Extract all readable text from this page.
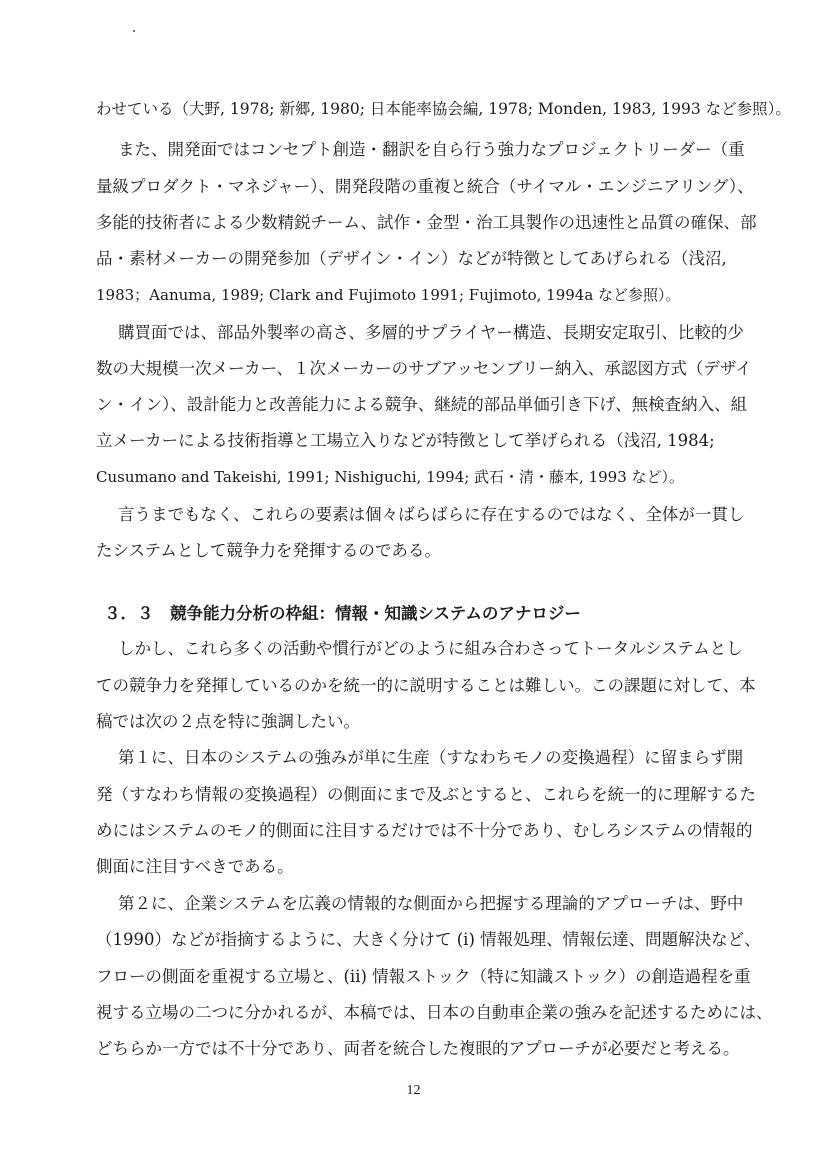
わせている（大野, 1978; 新郷, 1980; 日本能率協会編, 1978; Monden, 1983, 1993 など参照）。
また、開発面ではコンセプト創造・翻訳を自ら行う強力なプロジェクトリーダー（重
量級プロダクト・マネジャー）、開発段階の重複と統合（サイマル・エンジニアリング）、
多能的技術者による少数精鋭チーム、試作・金型・治工具製作の迅速性と品質の確保、部
品・素材メーカーの開発参加（デザイン・イン）などが特徴としてあげられる（浅沼,
1983；Aanuma, 1989; Clark and Fujimoto 1991; Fujimoto, 1994a など参照）。
購買面では、部品外製率の高さ、多層的サプライヤー構造、長期安定取引、比較的少
数の大規模一次メーカー、１次メーカーのサブアッセンブリー納入、承認図方式（デザイ
ン・イン）、設計能力と改善能力による競争、継続的部品単価引き下げ、無検査納入、組
立メーカーによる技術指導と工場立入りなどが特徴として挙げられる（浅沼, 1984;
Cusumano and Takeishi, 1991; Nishiguchi, 1994; 武石・清・藤本, 1993 など）。
言うまでもなく、これらの要素は個々ばらばらに存在するのではなく、全体が一貫し
たシステムとして競争力を発揮するのである。
３．３　競争能力分析の枠組：情報・知識システムのアナロジー
しかし、これら多くの活動や慣行がどのように組み合わさってトータルシステムとし
ての競争力を発揮しているのかを統一的に説明することは難しい。この課題に対して、本
稿では次の２点を特に強調したい。
第１に、日本のシステムの強みが単に生産（すなわちモノの変換過程）に留まらず開
発（すなわち情報の変換過程）の側面にまで及ぶとすると、これらを統一的に理解するた
めにはシステムのモノ的側面に注目するだけでは不十分であり、むしろシステムの情報的
側面に注目すべきである。
第２に、企業システムを広義の情報的な側面から把握する理論的アプローチは、野中
（1990）などが指摘するように、大きく分けて (i) 情報処理、情報伝達、問題解決など、
フローの側面を重視する立場と、(ii) 情報ストック（特に知識ストック）の創造過程を重
視する立場の二つに分かれるが、本稿では、日本の自動車企業の強みを記述するためには、
どちらか一方では不十分であり、両者を統合した複眼的アプローチが必要だと考える。
12
